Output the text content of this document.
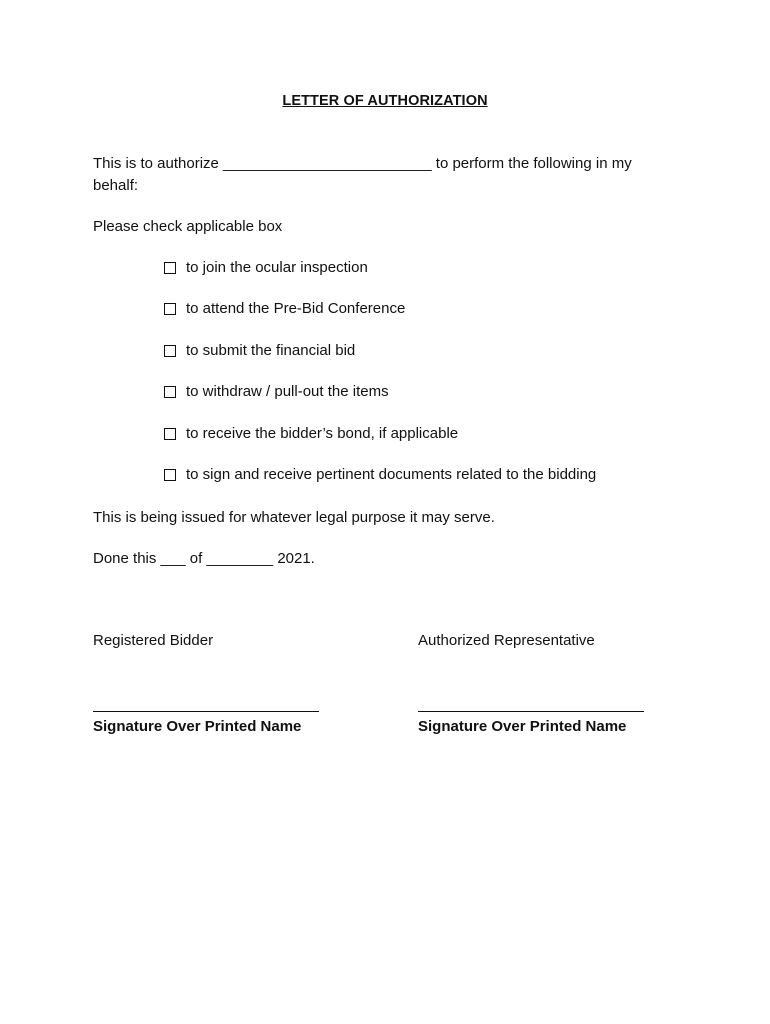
LETTER OF AUTHORIZATION
This is to authorize _________________________ to perform the following in my behalf:
Please check applicable box
to join the ocular inspection
to attend the Pre-Bid Conference
to submit the financial bid
to withdraw / pull-out the items
to receive the bidder’s bond, if applicable
to sign and receive pertinent documents related to the bidding
This is being issued for whatever legal purpose it may serve.
Done this ___ of ________ 2021.
Registered Bidder
Signature Over Printed Name
Authorized Representative
Signature Over Printed Name
